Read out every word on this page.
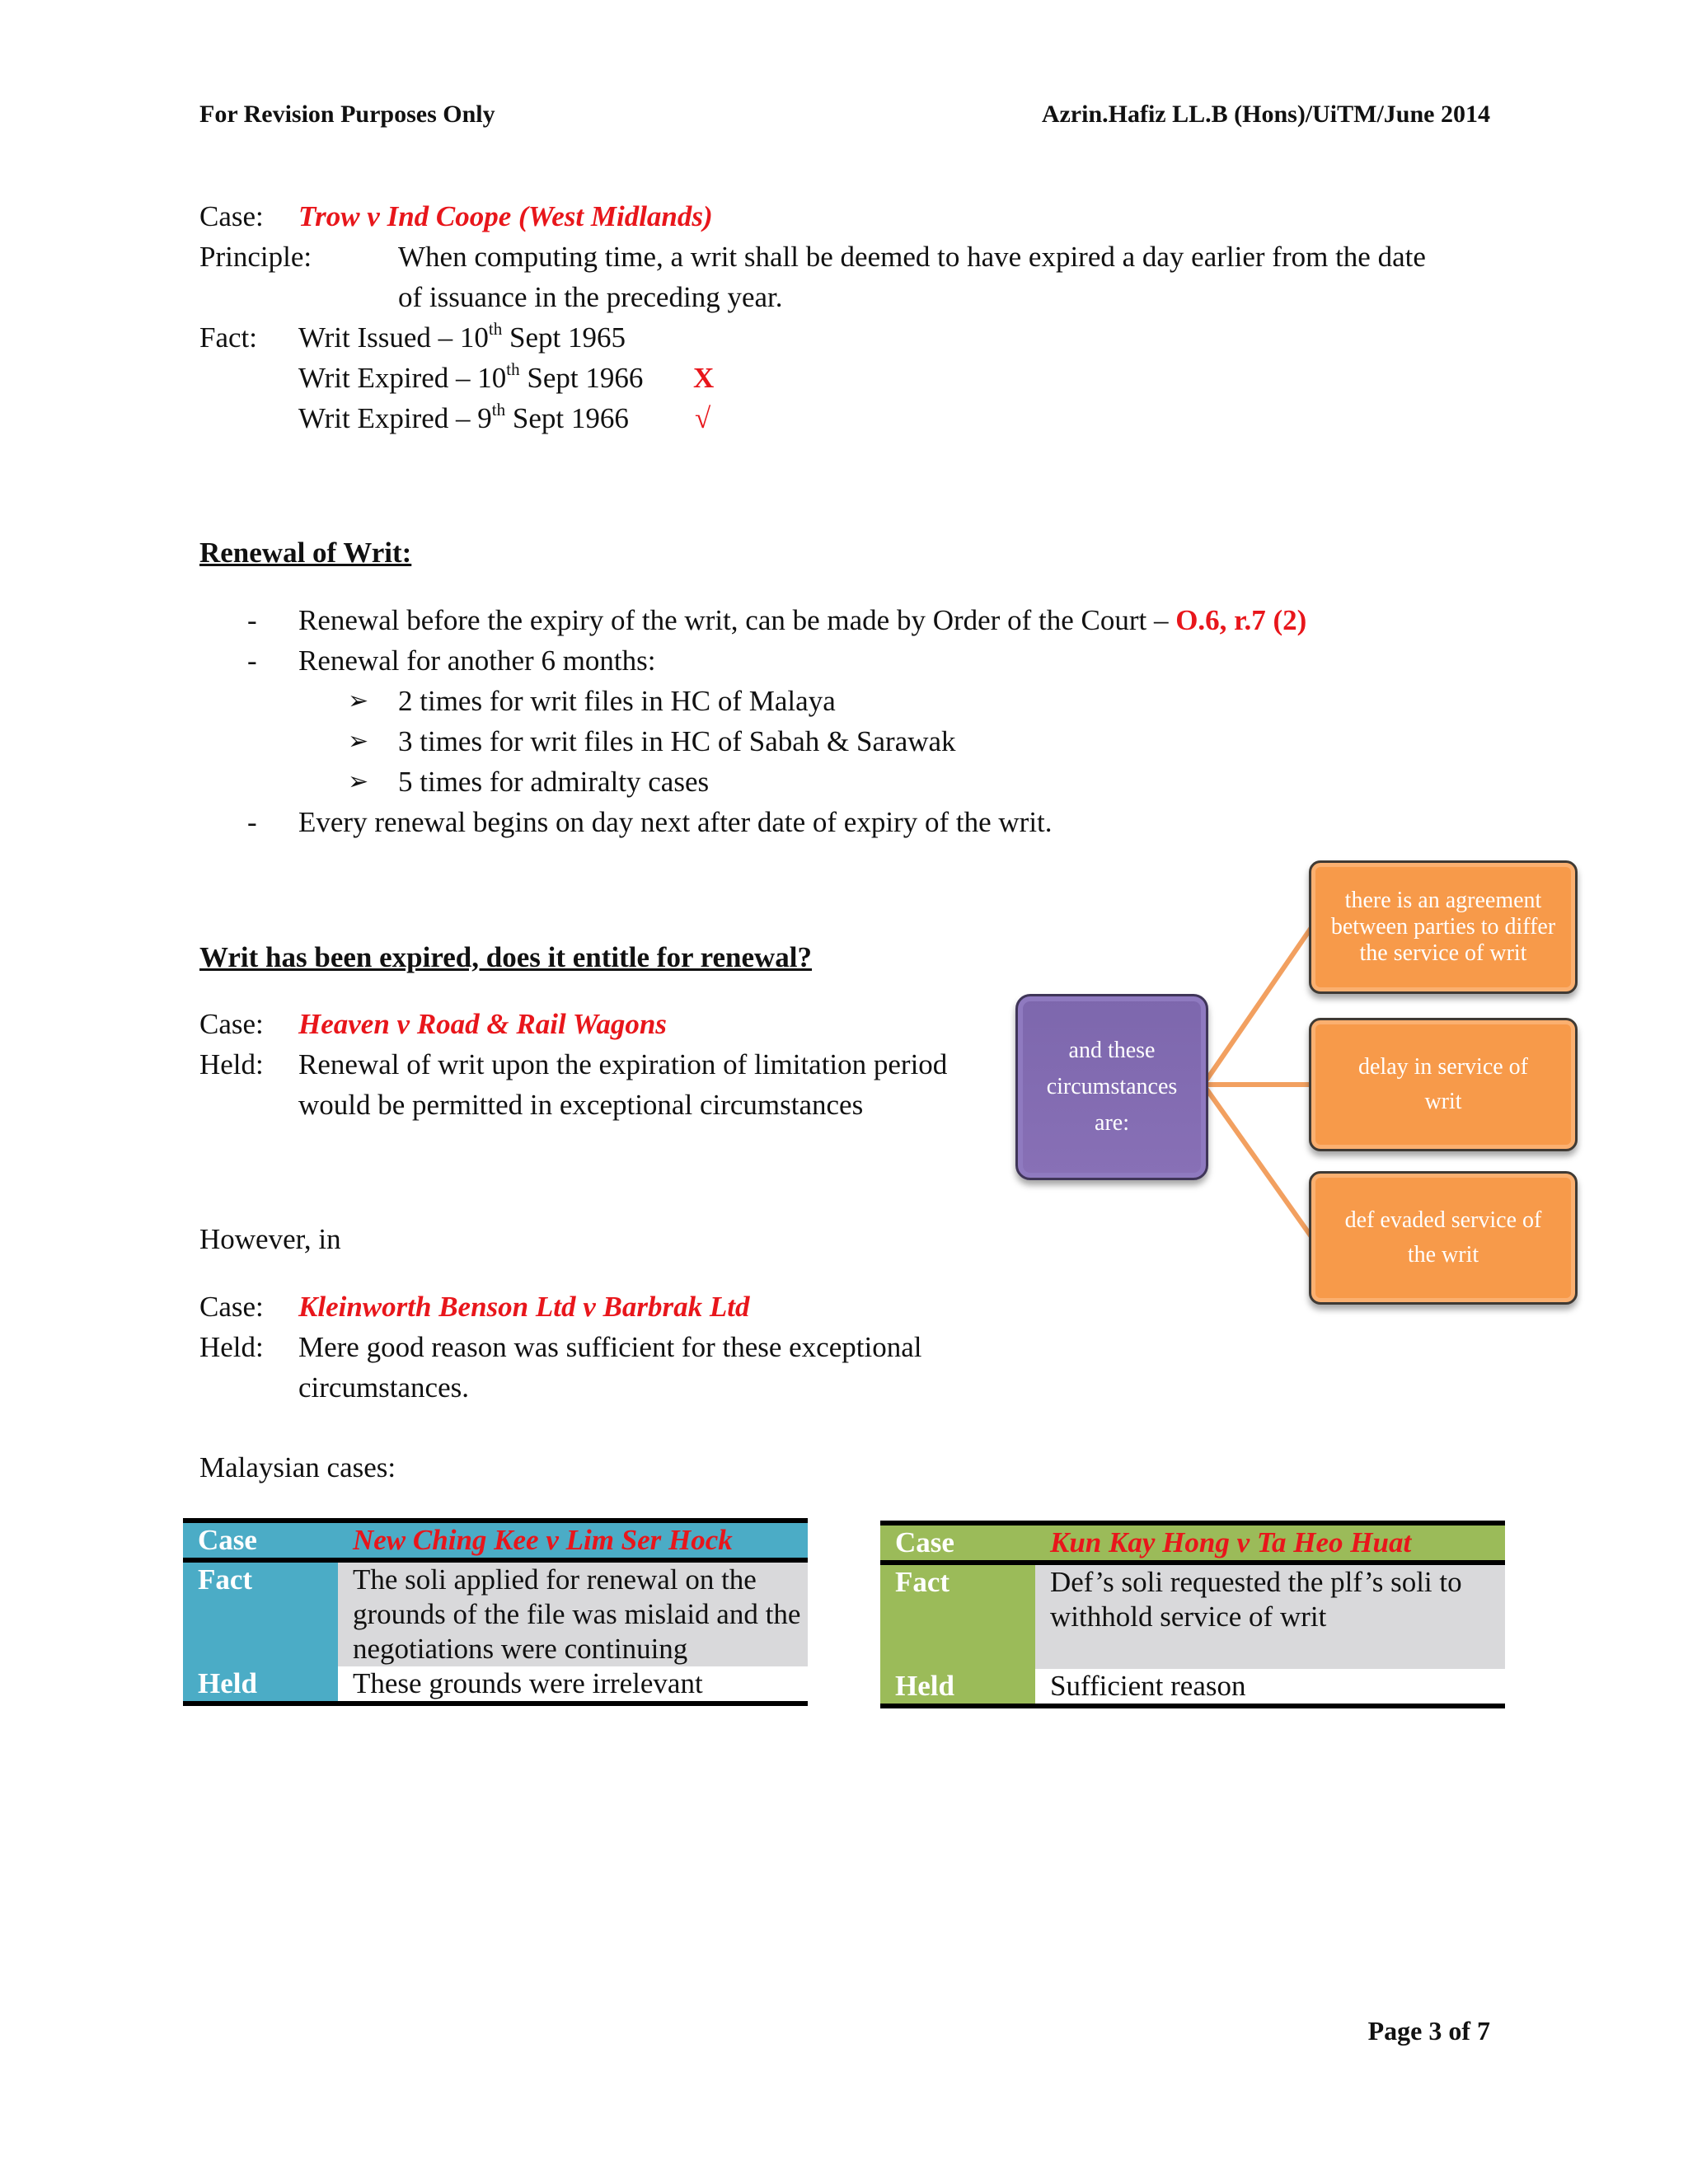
For Revision Purposes Only	Azrin.Hafiz LL.B (Hons)/UiTM/June 2014
Case: Trow v Ind Coope (West Midlands)
Principle:	When computing time, a writ shall be deemed to have expired a day earlier from the date
of issuance in the preceding year.
Fact: Writ Issued – 10th Sept 1965
Writ Expired – 10th Sept 1966 X
Writ Expired – 9th Sept 1966 √
Renewal of Writ:
- Renewal before the expiry of the writ, can be made by Order of the Court – O.6, r.7 (2)
- Renewal for another 6 months:
➢ 2 times for writ files in HC of Malaya
➢ 3 times for writ files in HC of Sabah & Sarawak
➢ 5 times for admiralty cases
- Every renewal begins on day next after date of expiry of the writ.
Writ has been expired, does it entitle for renewal?
Case: Heaven v Road & Rail Wagons
Held: Renewal of writ upon the expiration of limitation period
would be permitted in exceptional circumstances
However, in
Case: Kleinworth Benson Ltd v Barbrak Ltd
Held: Mere good reason was sufficient for these exceptional
circumstances.
Malaysian cases:
and these circumstances are:
there is an agreement between parties to differ the service of writ
delay in service of writ
def evaded service of the writ
Case	New Ching Kee v Lim Ser Hock
Fact	The soli applied for renewal on the grounds of the file was mislaid and the negotiations were continuing
Held	These grounds were irrelevant
Case	Kun Kay Hong v Ta Heo Huat
Fact	Def’s soli requested the plf’s soli to withhold service of writ
Held	Sufficient reason
Page 3 of 7
